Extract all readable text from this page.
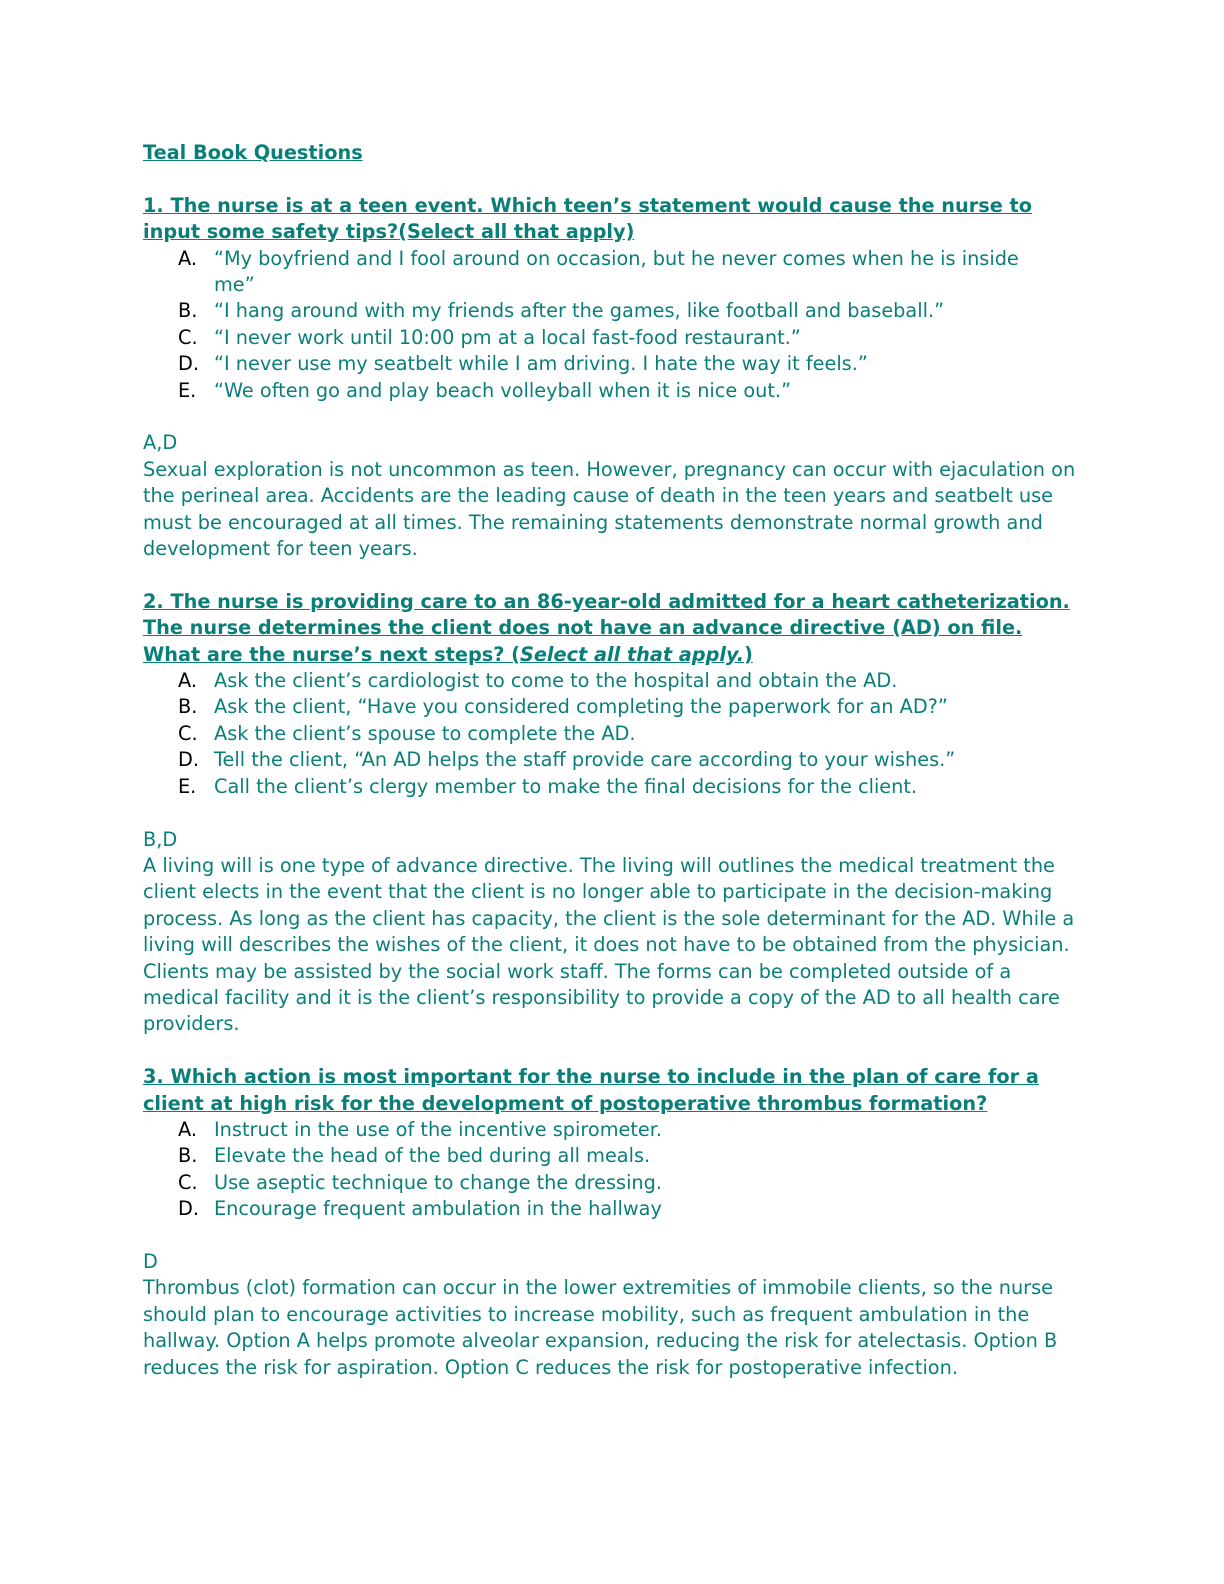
Teal Book Questions

1. The nurse is at a teen event. Which teen’s statement would cause the nurse to input some safety tips?(Select all that apply)

A. “My boyfriend and I fool around on occasion, but he never comes when he is inside me”
B. “I hang around with my friends after the games, like football and baseball.”
C. “I never work until 10:00 pm at a local fast-food restaurant.”
D. “I never use my seatbelt while I am driving. I hate the way it feels.”
E. “We often go and play beach volleyball when it is nice out.”

A,D

Sexual exploration is not uncommon as teen. However, pregnancy can occur with ejaculation on the perineal area. Accidents are the leading cause of death in the teen years and seatbelt use must be encouraged at all times. The remaining statements demonstrate normal growth and development for teen years.

2. The nurse is providing care to an 86-year-old admitted for a heart catheterization. The nurse determines the client does not have an advance directive (AD) on file. What are the nurse’s next steps? (Select all that apply.)

A. Ask the client’s cardiologist to come to the hospital and obtain the AD.
B. Ask the client, “Have you considered completing the paperwork for an AD?”
C. Ask the client’s spouse to complete the AD.
D. Tell the client, “An AD helps the staff provide care according to your wishes.”
E. Call the client’s clergy member to make the final decisions for the client.

B,D

A living will is one type of advance directive. The living will outlines the medical treatment the client elects in the event that the client is no longer able to participate in the decision-making process. As long as the client has capacity, the client is the sole determinant for the AD. While a living will describes the wishes of the client, it does not have to be obtained from the physician. Clients may be assisted by the social work staff. The forms can be completed outside of a medical facility and it is the client’s responsibility to provide a copy of the AD to all health care providers.

3. Which action is most important for the nurse to include in the plan of care for a client at high risk for the development of postoperative thrombus formation?

A. Instruct in the use of the incentive spirometer.
B. Elevate the head of the bed during all meals.
C. Use aseptic technique to change the dressing.
D. Encourage frequent ambulation in the hallway

D

Thrombus (clot) formation can occur in the lower extremities of immobile clients, so the nurse should plan to encourage activities to increase mobility, such as frequent ambulation in the hallway. Option A helps promote alveolar expansion, reducing the risk for atelectasis. Option B reduces the risk for aspiration. Option C reduces the risk for postoperative infection.
